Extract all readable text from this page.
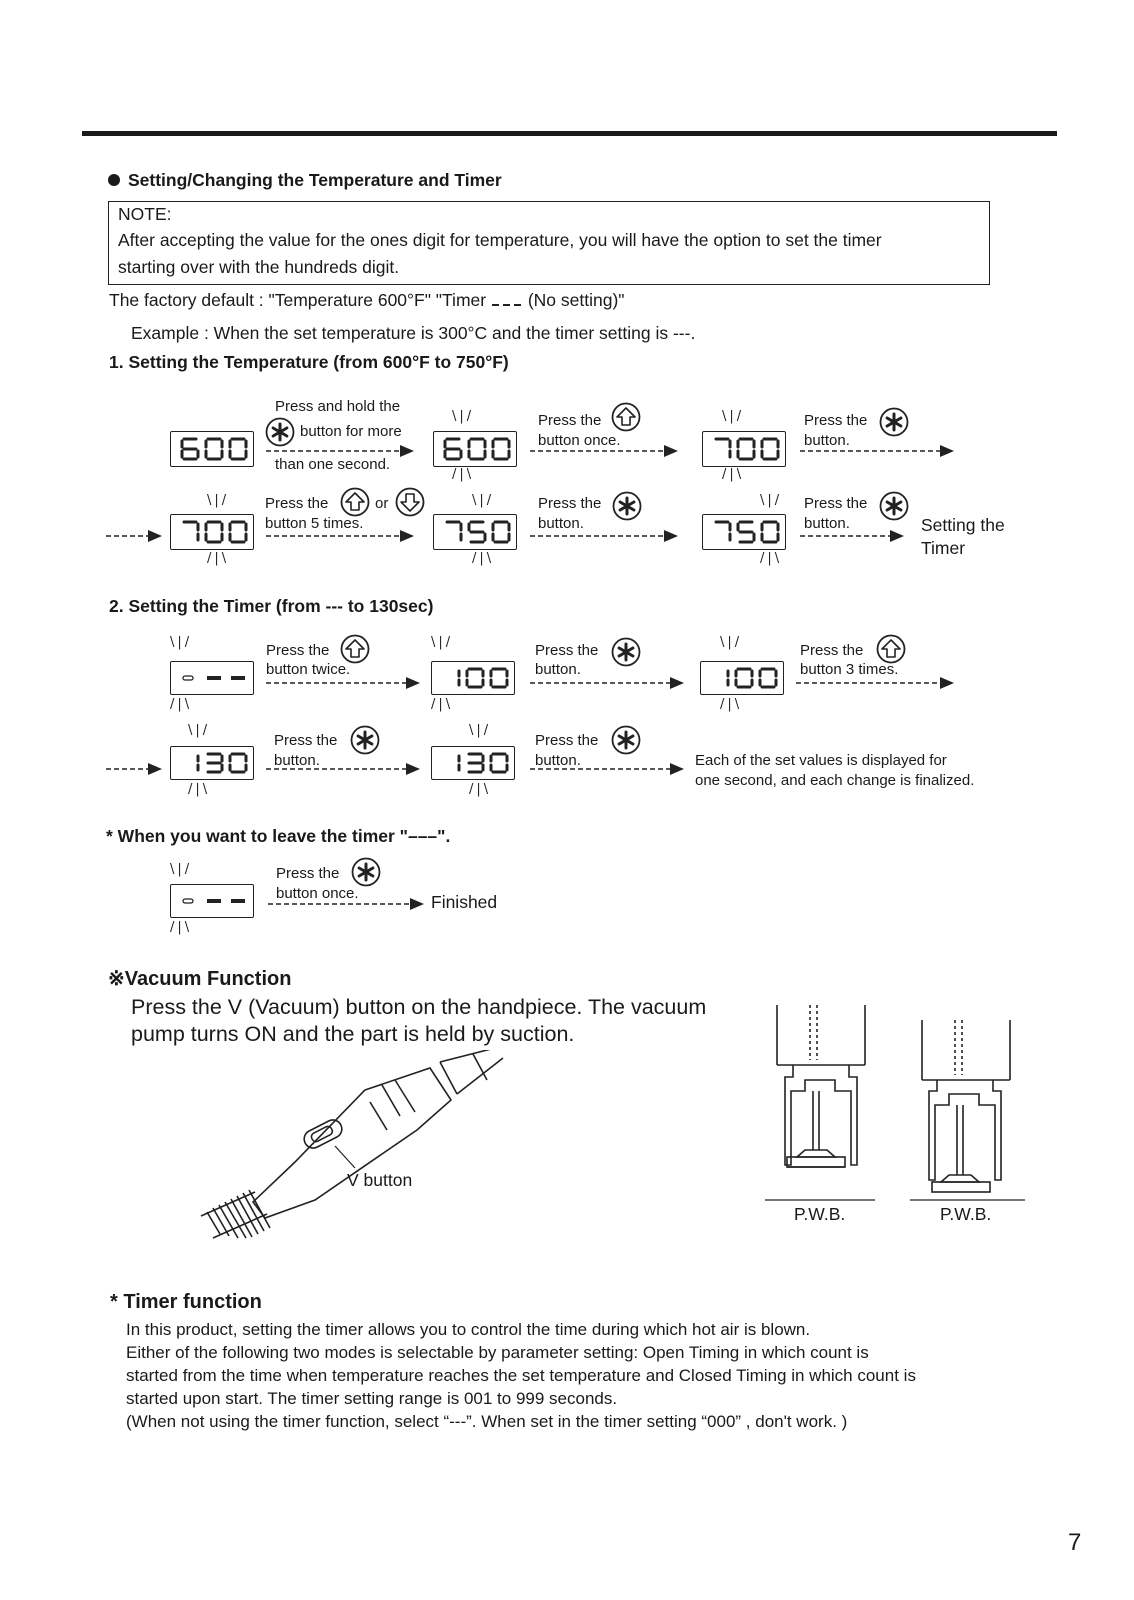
Setting/Changing the Temperature and Timer
NOTE:
After accepting the value for the ones digit for temperature, you will have the option to set the timer
starting over with the hundreds digit.
The factory default : "Temperature 600°F" "Timer (No setting)"
Example : When the set temperature is 300°C and the timer setting is ---.
1. Setting the Temperature (from 600°F to 750°F)
Press and hold the
button for more
than one second.
\|/
/|\
Press the
button once.
\|/
/|\
Press the
button.
\|/
/|\
Press the	or
button 5 times.
\|/
/|\
Press the
button.
\|/
/|\
Press the
button.	Setting the
Timer
2. Setting the Timer (from --- to 130sec)
\|/
/|\
Press the
button twice.
\|/
/|\
Press the
button.
\|/
/|\
Press the
button 3 times.
\|/
/|\
Press the
button.
\|/
/|\
Press the
button.	Each of the set values is displayed for
one second, and each change is finalized.
* When you want to leave the timer "–––".
\|/
/|\
Press the
button once.	Finished
※Vacuum Function
Press the V (Vacuum) button on the handpiece. The vacuum
pump turns ON and the part is held by suction.
V button
P.W.B.	P.W.B.
* Timer function
In this product, setting the timer allows you to control the time during which hot air is blown.
Either of the following two modes is selectable by parameter setting: Open Timing in which count is
started from the time when temperature reaches the set temperature and Closed Timing in which count is
started upon start. The timer setting range is 001 to 999 seconds.
(When not using the timer function, select “---”. When set in the timer setting “000” , don't work. )
7
